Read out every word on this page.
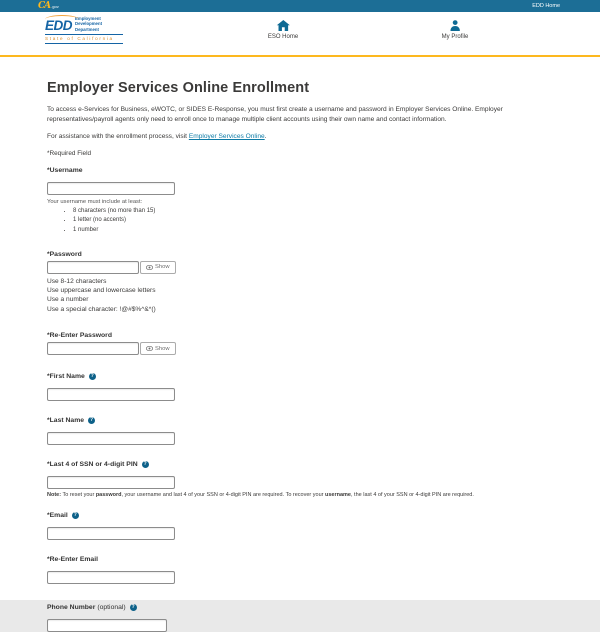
CA .gov	EDD Home
EDD Employment
Development
Department
State of California	ESO Home	My Profile
Employer Services Online Enrollment

To access e-Services for Business, eWOTC, or SIDES E-Response, you must first create a username and password in Employer Services Online. Employer representatives/payroll agents only need to enroll once to manage multiple client accounts using their own name and contact information.

For assistance with the enrollment process, visit Employer Services Online.

*Required Field

*Username
Your username must include at least:
• 8 characters (no more than 15)
• 1 letter (no accents)
• 1 number
*Password
Show
Use 8-12 characters
Use uppercase and lowercase letters
Use a number
Use a special character: !@#$%^&*()
*Re-Enter Password
Show
*First Name	?
*Last Name	?
*Last 4 of SSN or 4-digit PIN	?
Note: To reset your password, your username and last 4 of your SSN or 4-digit PIN are required. To recover your username, the last 4 of your SSN or 4-digit PIN are required.
*Email	?
*Re-Enter Email
Phone Number (optional)	?
